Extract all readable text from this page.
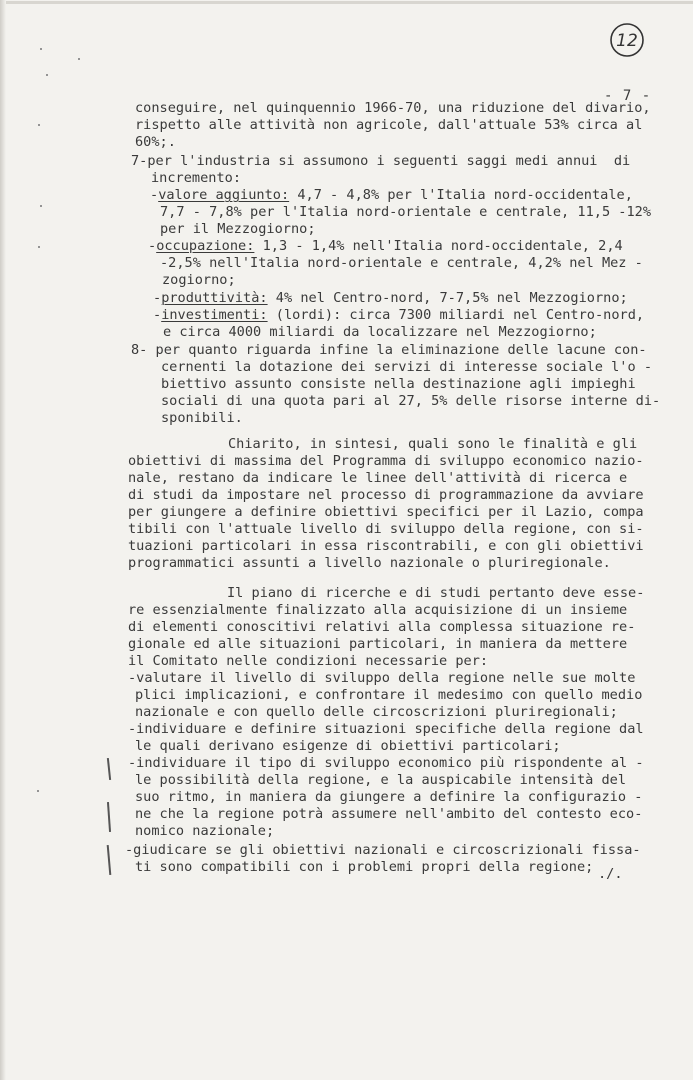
12
- 7 -

conseguire, nel quinquennio 1966-70, una riduzione del divario,

rispetto alle attività non agricole, dall'attuale 53% circa al

60%;.

7-per l'industria si assumono i seguenti saggi medi annui  di

incremento:

-valore aggiunto: 4,7 - 4,8% per l'Italia nord-occidentale,

7,7 - 7,8% per l'Italia nord-orientale e centrale, 11,5 -12%

per il Mezzogiorno;

-occupazione: 1,3 - 1,4% nell'Italia nord-occidentale, 2,4

-2,5% nell'Italia nord-orientale e centrale, 4,2% nel Mez -

zogiorno;

-produttività: 4% nel Centro-nord, 7-7,5% nel Mezzogiorno;

-investimenti: (lordi): circa 7300 miliardi nel Centro-nord,

e circa 4000 miliardi da localizzare nel Mezzogiorno;

8- per quanto riguarda infine la eliminazione delle lacune con-

cernenti la dotazione dei servizi di interesse sociale l'o -

biettivo assunto consiste nella destinazione agli impieghi

sociali di una quota pari al 27, 5% delle risorse interne di-

sponibili.

Chiarito, in sintesi, quali sono le finalità e gli

obiettivi di massima del Programma di sviluppo economico nazio-

nale, restano da indicare le linee dell'attività di ricerca e

di studi da impostare nel processo di programmazione da avviare

per giungere a definire obiettivi specifici per il Lazio, compa

tibili con l'attuale livello di sviluppo della regione, con si-

tuazioni particolari in essa riscontrabili, e con gli obiettivi

programmatici assunti a livello nazionale o pluriregionale.

Il piano di ricerche e di studi pertanto deve esse-

re essenzialmente finalizzato alla acquisizione di un insieme

di elementi conoscitivi relativi alla complessa situazione re-

gionale ed alle situazioni particolari, in maniera da mettere

il Comitato nelle condizioni necessarie per:

-valutare il livello di sviluppo della regione nelle sue molte

plici implicazioni, e confrontare il medesimo con quello medio

nazionale e con quello delle circoscrizioni pluriregionali;

-individuare e definire situazioni specifiche della regione dal

le quali derivano esigenze di obiettivi particolari;

-individuare il tipo di sviluppo economico più rispondente al -

le possibilità della regione, e la auspicabile intensità del

suo ritmo, in maniera da giungere a definire la configurazio -

ne che la regione potrà assumere nell'ambito del contesto eco-

nomico nazionale;

-giudicare se gli obiettivi nazionali e circoscrizionali fissa-

ti sono compatibili con i problemi propri della regione;

./.
